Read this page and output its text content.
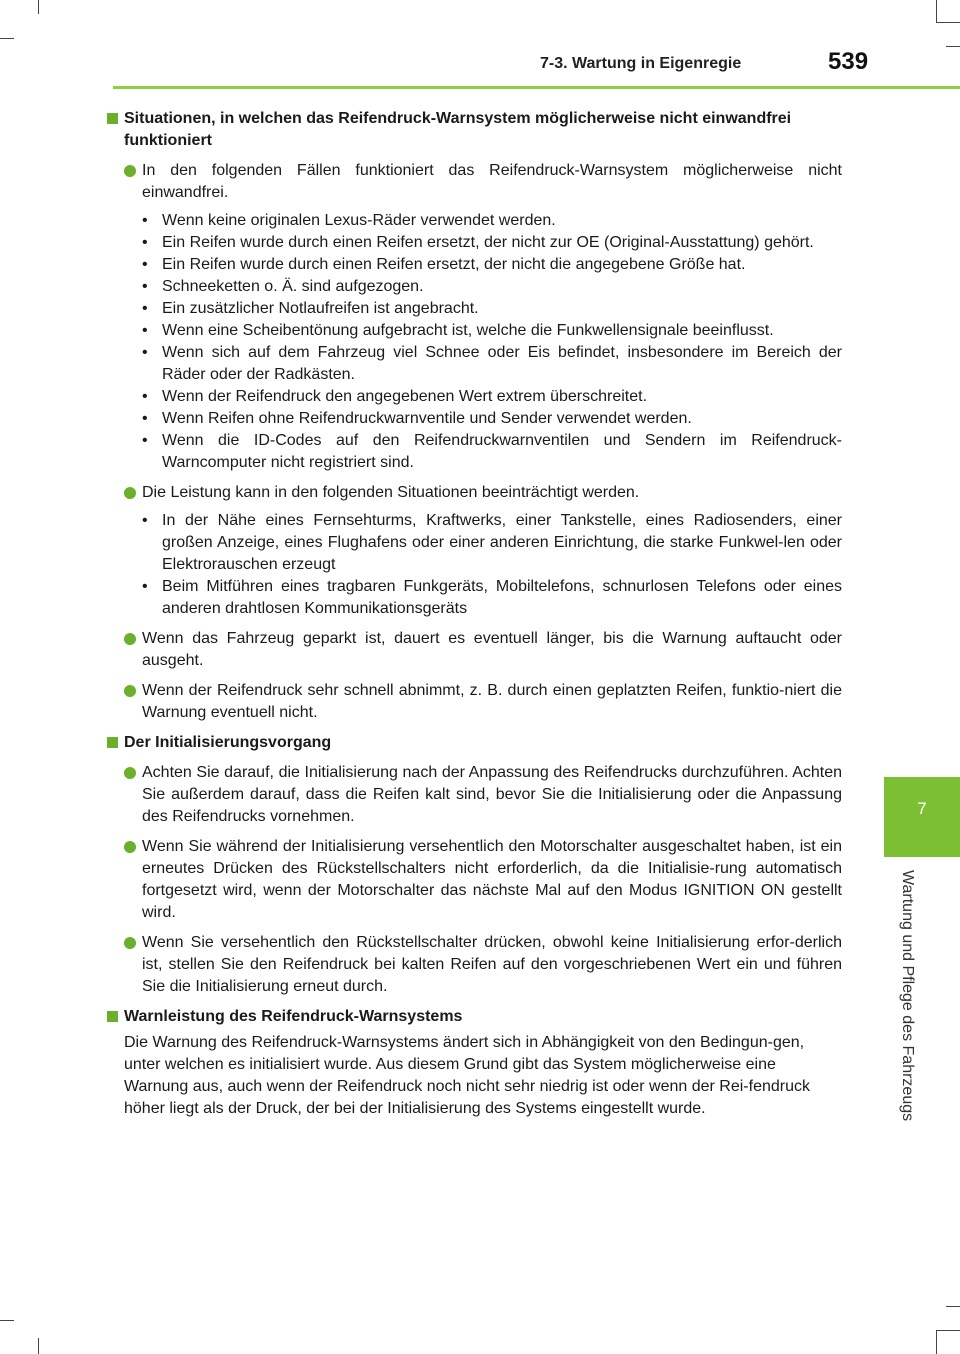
7-3. Wartung in Eigenregie	539
7
Wartung und Pflege des Fahrzeugs
Situationen, in welchen das Reifendruck-Warnsystem möglicherweise nicht einwandfrei funktioniert
In den folgenden Fällen funktioniert das Reifendruck-Warnsystem möglicherweise nicht einwandfrei.
• Wenn keine originalen Lexus-Räder verwendet werden.
• Ein Reifen wurde durch einen Reifen ersetzt, der nicht zur OE (Original-Ausstattung) gehört.
• Ein Reifen wurde durch einen Reifen ersetzt, der nicht die angegebene Größe hat.
• Schneeketten o. Ä. sind aufgezogen.
• Ein zusätzlicher Notlaufreifen ist angebracht.
• Wenn eine Scheibentönung aufgebracht ist, welche die Funkwellensignale beeinflusst.
• Wenn sich auf dem Fahrzeug viel Schnee oder Eis befindet, insbesondere im Bereich der Räder oder der Radkästen.
• Wenn der Reifendruck den angegebenen Wert extrem überschreitet.
• Wenn Reifen ohne Reifendruckwarnventile und Sender verwendet werden.
• Wenn die ID-Codes auf den Reifendruckwarnventilen und Sendern im Reifendruck-Warncomputer nicht registriert sind.
Die Leistung kann in den folgenden Situationen beeinträchtigt werden.
• In der Nähe eines Fernsehturms, Kraftwerks, einer Tankstelle, eines Radiosenders, einer großen Anzeige, eines Flughafens oder einer anderen Einrichtung, die starke Funkwel-len oder Elektrorauschen erzeugt
• Beim Mitführen eines tragbaren Funkgeräts, Mobiltelefons, schnurlosen Telefons oder eines anderen drahtlosen Kommunikationsgeräts
Wenn das Fahrzeug geparkt ist, dauert es eventuell länger, bis die Warnung auftaucht oder ausgeht.
Wenn der Reifendruck sehr schnell abnimmt, z. B. durch einen geplatzten Reifen, funktio-niert die Warnung eventuell nicht.
Der Initialisierungsvorgang
Achten Sie darauf, die Initialisierung nach der Anpassung des Reifendrucks durchzuführen. Achten Sie außerdem darauf, dass die Reifen kalt sind, bevor Sie die Initialisierung oder die Anpassung des Reifendrucks vornehmen.
Wenn Sie während der Initialisierung versehentlich den Motorschalter ausgeschaltet haben, ist ein erneutes Drücken des Rückstellschalters nicht erforderlich, da die Initialisie-rung automatisch fortgesetzt wird, wenn der Motorschalter das nächste Mal auf den Modus IGNITION ON gestellt wird.
Wenn Sie versehentlich den Rückstellschalter drücken, obwohl keine Initialisierung erfor-derlich ist, stellen Sie den Reifendruck bei kalten Reifen auf den vorgeschriebenen Wert ein und führen Sie die Initialisierung erneut durch.
Warnleistung des Reifendruck-Warnsystems
Die Warnung des Reifendruck-Warnsystems ändert sich in Abhängigkeit von den Bedingun-gen, unter welchen es initialisiert wurde. Aus diesem Grund gibt das System möglicherweise eine Warnung aus, auch wenn der Reifendruck noch nicht sehr niedrig ist oder wenn der Rei-fendruck höher liegt als der Druck, der bei der Initialisierung des Systems eingestellt wurde.
